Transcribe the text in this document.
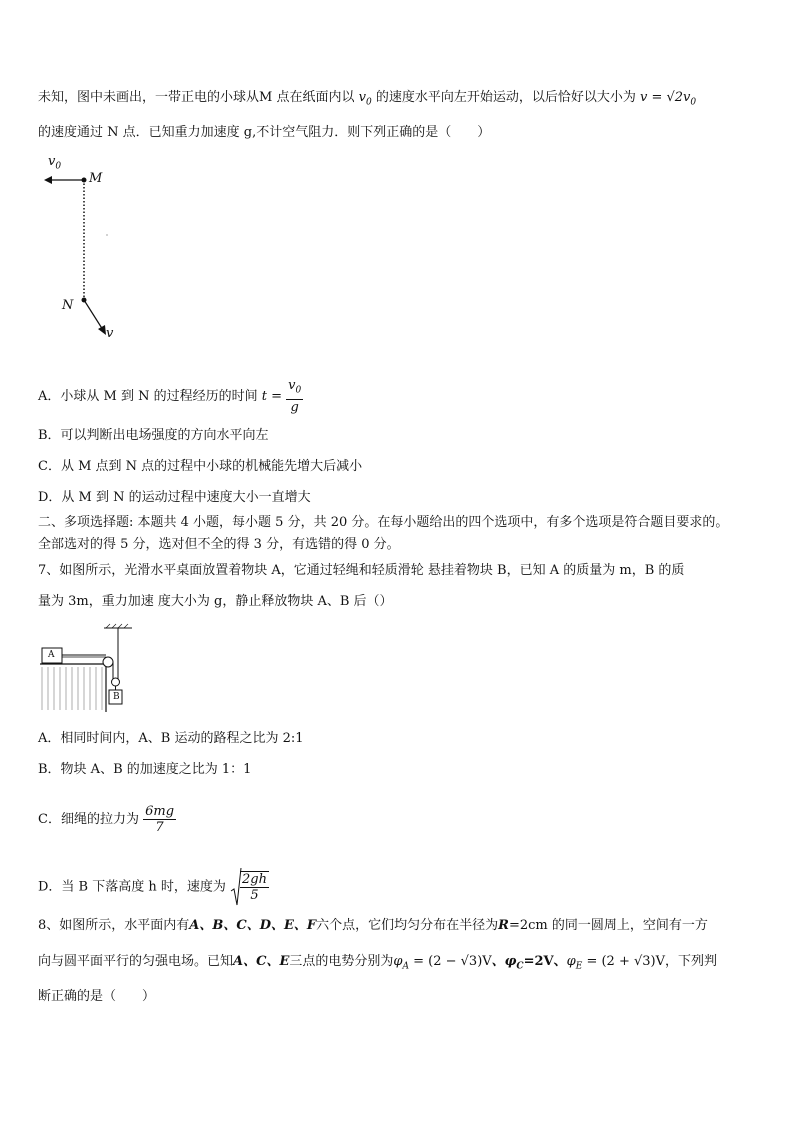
未知，图中未画出，一带正电的小球从M 点在纸面内以 $v_0$ 的速度水平向左开始运动，以后恰好以大小为 $v = √2v_0$
的速度通过 N 点．已知重力加速度 g,不计空气阻力．则下列正确的是（　　）
$v_0$
M
N
v
A．小球从 M 到 N 的过程经历的时间 $t = \frac{v_0}{g}$
B．可以判断出电场强度的方向水平向左
C．从 M 点到 N 点的过程中小球的机械能先增大后减小
D．从 M 到 N 的运动过程中速度大小一直增大
二、多项选择题: 本题共 4 小题，每小题 5 分，共 20 分。在每小题给出的四个选项中，有多个选项是符合题目要求的。
全部选对的得 5 分，选对但不全的得 3 分，有选错的得 0 分。
7、如图所示，光滑水平桌面放置着物块 A，它通过轻绳和轻质滑轮 悬挂着物块 B，已知 A 的质量为 m，B 的质
量为 3m，重力加速 度大小为 g，静止释放物块 A、B 后（）
A
B
A．相同时间内，A、B 运动的路程之比为 2:1
B．物块 A、B 的加速度之比为 1：1
C．细绳的拉力为 $\frac{6mg}{7}$
D．当 B 下落高度 h 时，速度为 $\frac{2gh}{5}$
8、如图所示，水平面内有A、B、C、D、E、F六个点，它们均匀分布在半径为R=2cm 的同一圆周上，空间有一方
向与圆平面平行的匀强电场。已知A、C、E三点的电势分别为$\varphi_A = (2 - √3)V$、$\varphi_C=2V$、$\varphi_E = (2 + √3)V$，下列判
断正确的是（　　）
